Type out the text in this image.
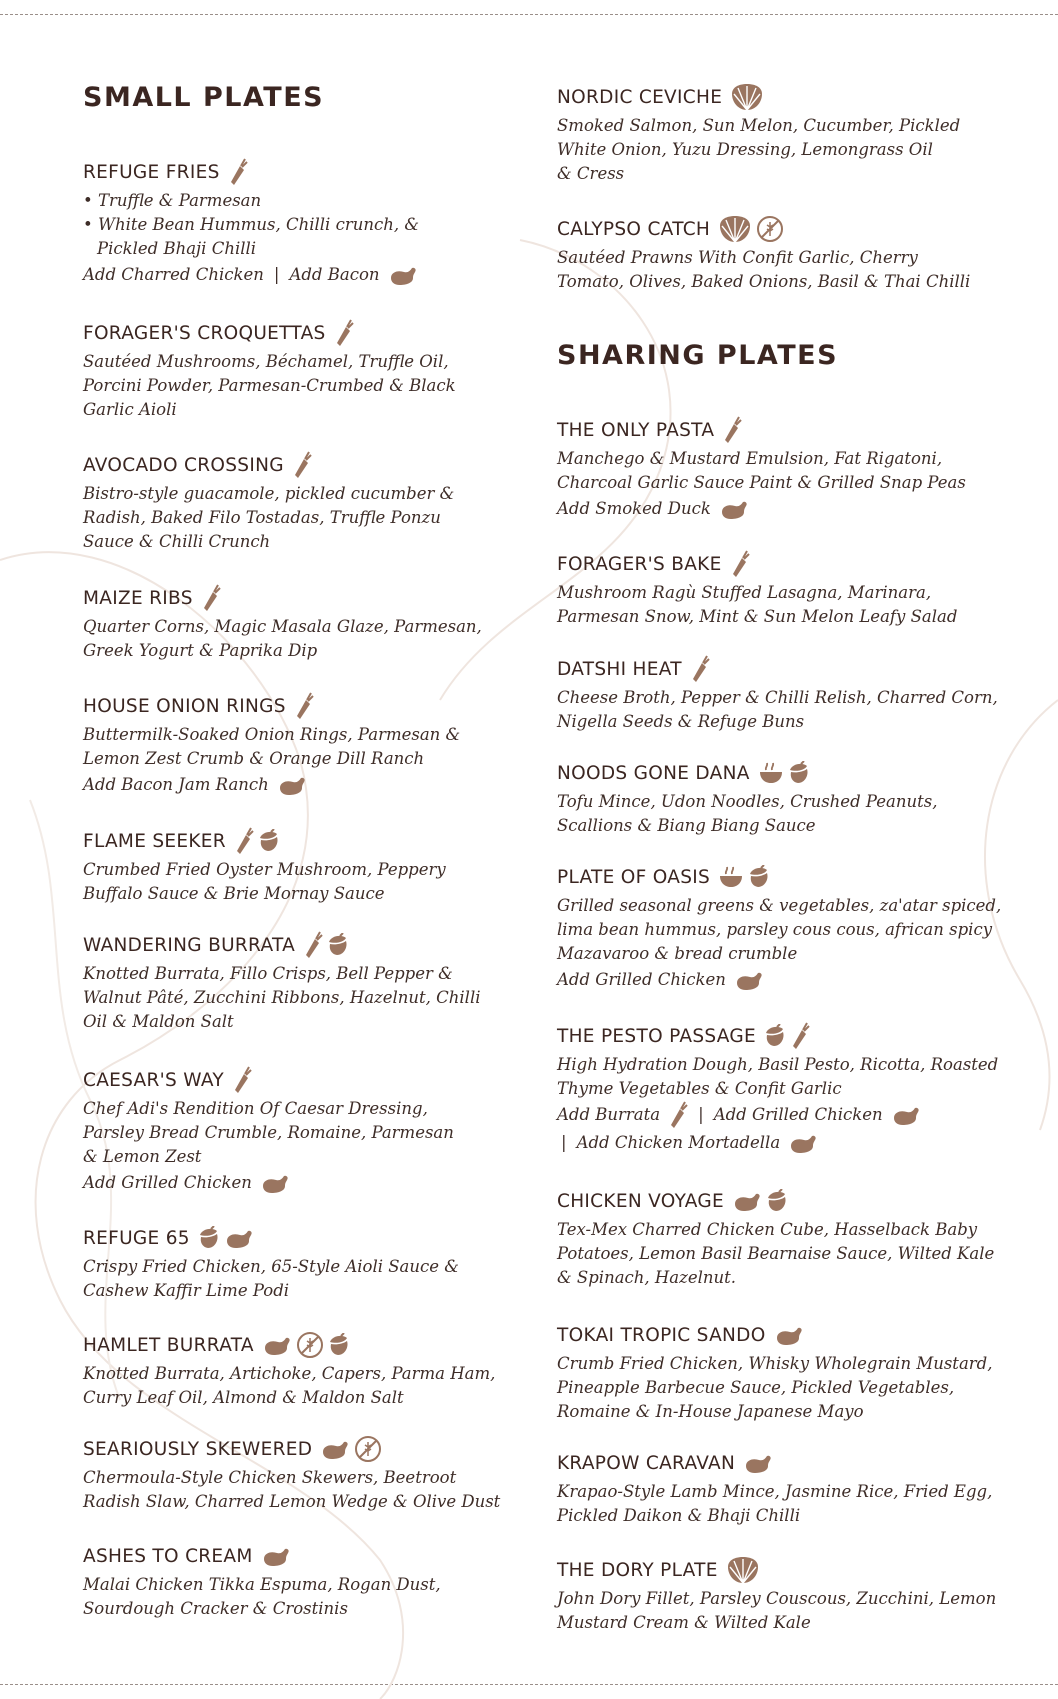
SMALL PLATES
REFUGE FRIES
• Truffle & Parmesan
• White Bean Hummus, Chilli crunch, &
Pickled Bhaji Chilli
Add Charred Chicken | Add Bacon
FORAGER'S CROQUETTAS
Sautéed Mushrooms, Béchamel, Truffle Oil,
Porcini Powder, Parmesan-Crumbed & Black
Garlic Aioli
AVOCADO CROSSING
Bistro-style guacamole, pickled cucumber &
Radish, Baked Filo Tostadas, Truffle Ponzu
Sauce & Chilli Crunch
MAIZE RIBS
Quarter Corns, Magic Masala Glaze, Parmesan,
Greek Yogurt & Paprika Dip
HOUSE ONION RINGS
Buttermilk-Soaked Onion Rings, Parmesan &
Lemon Zest Crumb & Orange Dill Ranch
Add Bacon Jam Ranch
FLAME SEEKER
Crumbed Fried Oyster Mushroom, Peppery
Buffalo Sauce & Brie Mornay Sauce
WANDERING BURRATA
Knotted Burrata, Fillo Crisps, Bell Pepper &
Walnut Pâté, Zucchini Ribbons, Hazelnut, Chilli
Oil & Maldon Salt
CAESAR'S WAY
Chef Adi's Rendition Of Caesar Dressing,
Parsley Bread Crumble, Romaine, Parmesan
& Lemon Zest
Add Grilled Chicken
REFUGE 65
Crispy Fried Chicken, 65-Style Aioli Sauce &
Cashew Kaffir Lime Podi
HAMLET BURRATA
Knotted Burrata, Artichoke, Capers, Parma Ham,
Curry Leaf Oil, Almond & Maldon Salt
SEARIOUSLY SKEWERED
Chermoula-Style Chicken Skewers, Beetroot
Radish Slaw, Charred Lemon Wedge & Olive Dust
ASHES TO CREAM
Malai Chicken Tikka Espuma, Rogan Dust,
Sourdough Cracker & Crostinis
NORDIC CEVICHE
Smoked Salmon, Sun Melon, Cucumber, Pickled
White Onion, Yuzu Dressing, Lemongrass Oil
& Cress
CALYPSO CATCH
Sautéed Prawns With Confit Garlic, Cherry
Tomato, Olives, Baked Onions, Basil & Thai Chilli
SHARING PLATES
THE ONLY PASTA
Manchego & Mustard Emulsion, Fat Rigatoni,
Charcoal Garlic Sauce Paint & Grilled Snap Peas
Add Smoked Duck
FORAGER'S BAKE
Mushroom Ragù Stuffed Lasagna, Marinara,
Parmesan Snow, Mint & Sun Melon Leafy Salad
DATSHI HEAT
Cheese Broth, Pepper & Chilli Relish, Charred Corn,
Nigella Seeds & Refuge Buns
NOODS GONE DANA
Tofu Mince, Udon Noodles, Crushed Peanuts,
Scallions & Biang Biang Sauce
PLATE OF OASIS
Grilled seasonal greens & vegetables, za'atar spiced,
lima bean hummus, parsley cous cous, african spicy
Mazavaroo & bread crumble
Add Grilled Chicken
THE PESTO PASSAGE
High Hydration Dough, Basil Pesto, Ricotta, Roasted
Thyme Vegetables & Confit Garlic
Add Burrata | Add Grilled Chicken
| Add Chicken Mortadella
CHICKEN VOYAGE
Tex-Mex Charred Chicken Cube, Hasselback Baby
Potatoes, Lemon Basil Bearnaise Sauce, Wilted Kale
& Spinach, Hazelnut.
TOKAI TROPIC SANDO
Crumb Fried Chicken, Whisky Wholegrain Mustard,
Pineapple Barbecue Sauce, Pickled Vegetables,
Romaine & In-House Japanese Mayo
KRAPOW CARAVAN
Krapao-Style Lamb Mince, Jasmine Rice, Fried Egg,
Pickled Daikon & Bhaji Chilli
THE DORY PLATE
John Dory Fillet, Parsley Couscous, Zucchini, Lemon
Mustard Cream & Wilted Kale
